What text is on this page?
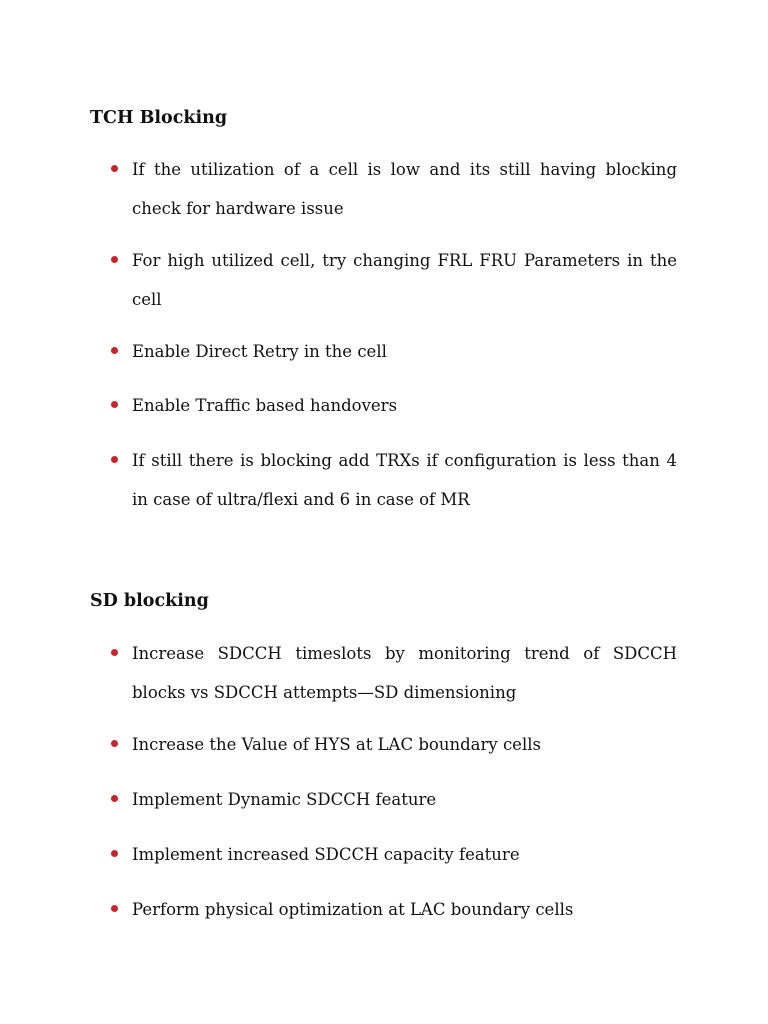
TCH Blocking
If the utilization of a cell is low and its still having blocking check for hardware issue
For high utilized cell, try changing FRL FRU Parameters in the cell
Enable Direct Retry in the cell
Enable Traffic based handovers
If still there is blocking add TRXs if configuration is less than 4 in case of ultra/flexi and 6 in case of MR
SD blocking
Increase SDCCH timeslots by monitoring trend of SDCCH blocks vs SDCCH attempts—SD dimensioning
Increase the Value of HYS at LAC boundary cells
Implement Dynamic SDCCH feature
Implement increased SDCCH capacity feature
Perform physical optimization at LAC boundary cells
